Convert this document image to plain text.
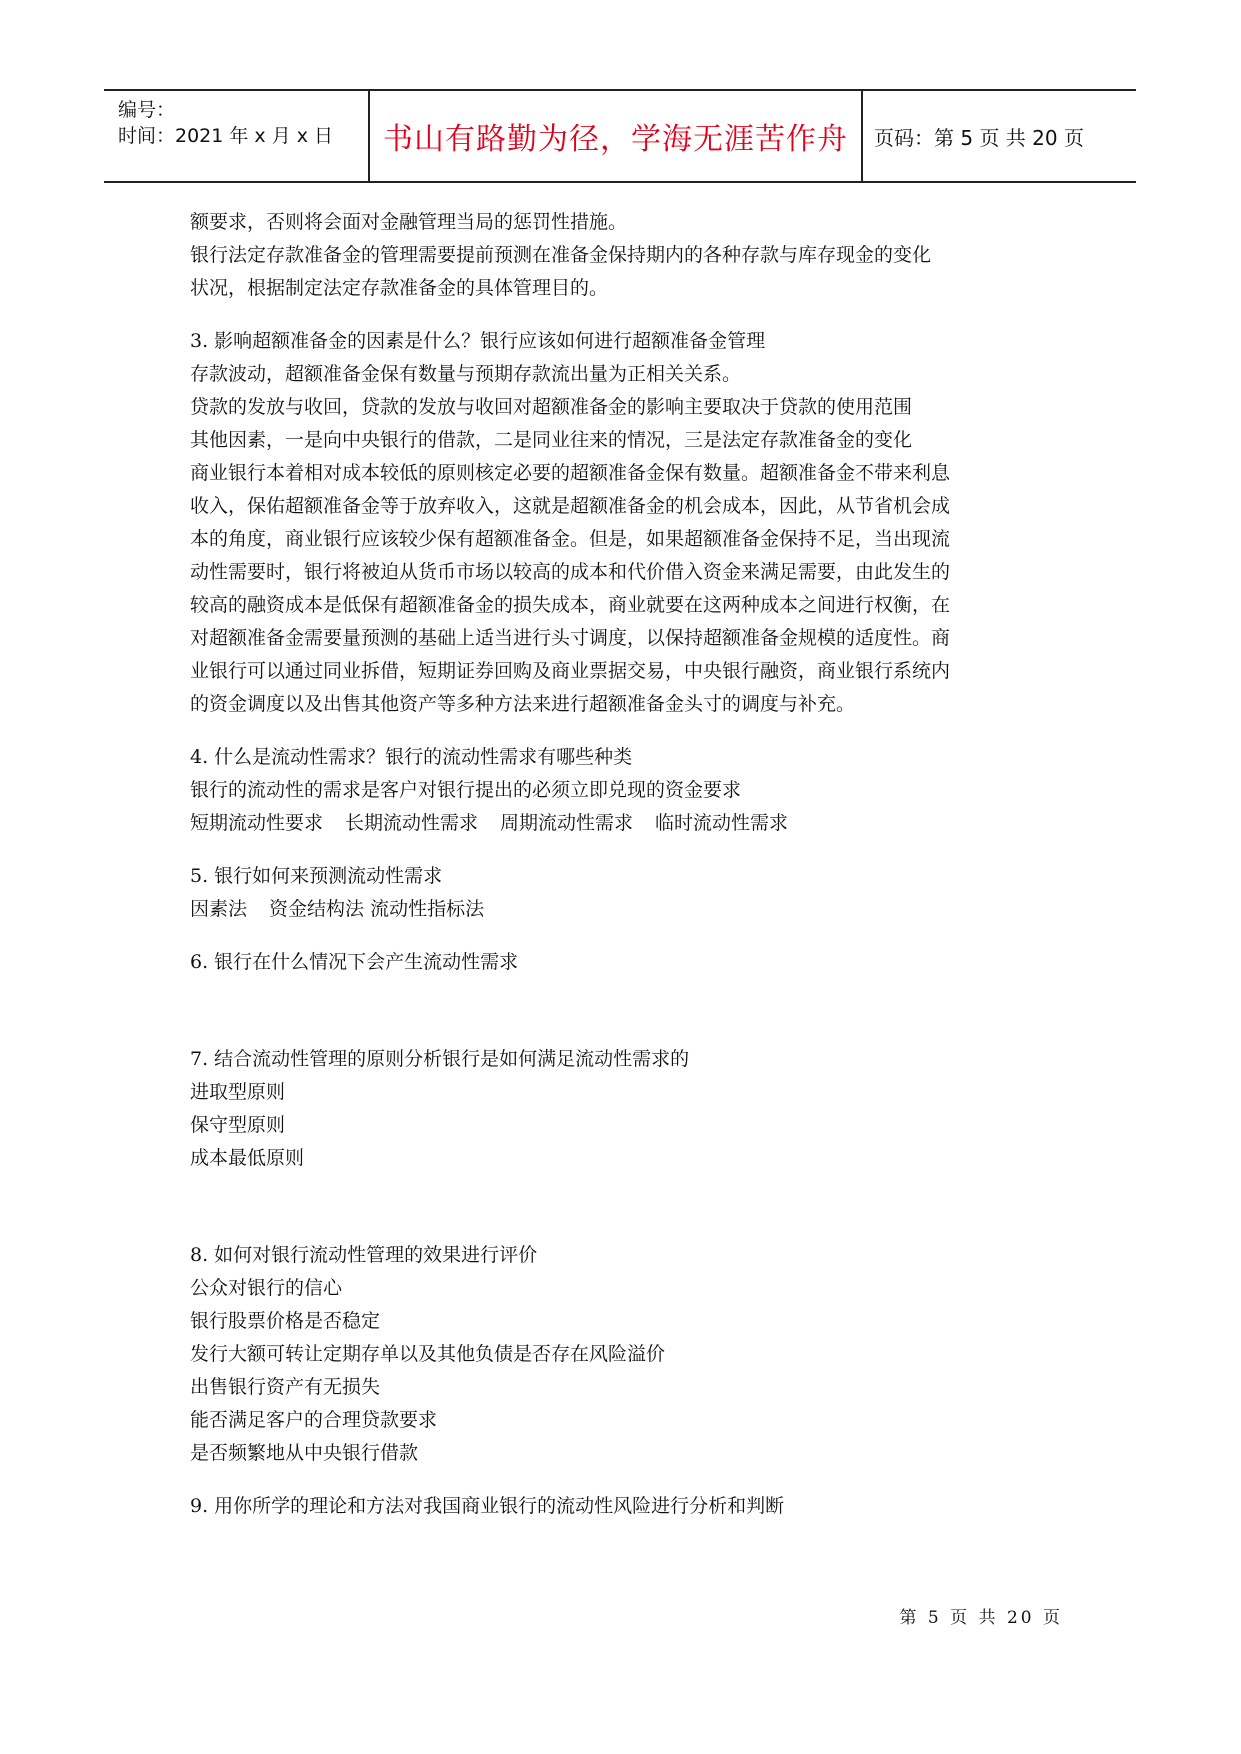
编号：
时间：2021 年 x 月 x 日	书山有路勤为径，学海无涯苦作舟	页码：第 5 页 共 20 页

额要求，否则将会面对金融管理当局的惩罚性措施。

银行法定存款准备金的管理需要提前预测在准备金保持期内的各种存款与库存现金的变化

状况，根据制定法定存款准备金的具体管理目的。

3. 影响超额准备金的因素是什么？银行应该如何进行超额准备金管理

存款波动，超额准备金保有数量与预期存款流出量为正相关关系。

贷款的发放与收回，贷款的发放与收回对超额准备金的影响主要取决于贷款的使用范围

其他因素，一是向中央银行的借款，二是同业往来的情况，三是法定存款准备金的变化

商业银行本着相对成本较低的原则核定必要的超额准备金保有数量。超额准备金不带来利息

收入，保佑超额准备金等于放弃收入，这就是超额准备金的机会成本，因此，从节省机会成

本的角度，商业银行应该较少保有超额准备金。但是，如果超额准备金保持不足，当出现流

动性需要时，银行将被迫从货币市场以较高的成本和代价借入资金来满足需要，由此发生的

较高的融资成本是低保有超额准备金的损失成本，商业就要在这两种成本之间进行权衡，在

对超额准备金需要量预测的基础上适当进行头寸调度，以保持超额准备金规模的适度性。商

业银行可以通过同业拆借，短期证券回购及商业票据交易，中央银行融资，商业银行系统内

的资金调度以及出售其他资产等多种方法来进行超额准备金头寸的调度与补充。

4. 什么是流动性需求？银行的流动性需求有哪些种类

银行的流动性的需求是客户对银行提出的必须立即兑现的资金要求

短期流动性要求 长期流动性需求 周期流动性需求 临时流动性需求

5. 银行如何来预测流动性需求

因素法 资金结构法 流动性指标法

6. 银行在什么情况下会产生流动性需求

7. 结合流动性管理的原则分析银行是如何满足流动性需求的

进取型原则

保守型原则

成本最低原则

8. 如何对银行流动性管理的效果进行评价

公众对银行的信心

银行股票价格是否稳定

发行大额可转让定期存单以及其他负债是否存在风险溢价

出售银行资产有无损失

能否满足客户的合理贷款要求

是否频繁地从中央银行借款

9. 用你所学的理论和方法对我国商业银行的流动性风险进行分析和判断

第 5 页 共 20 页
